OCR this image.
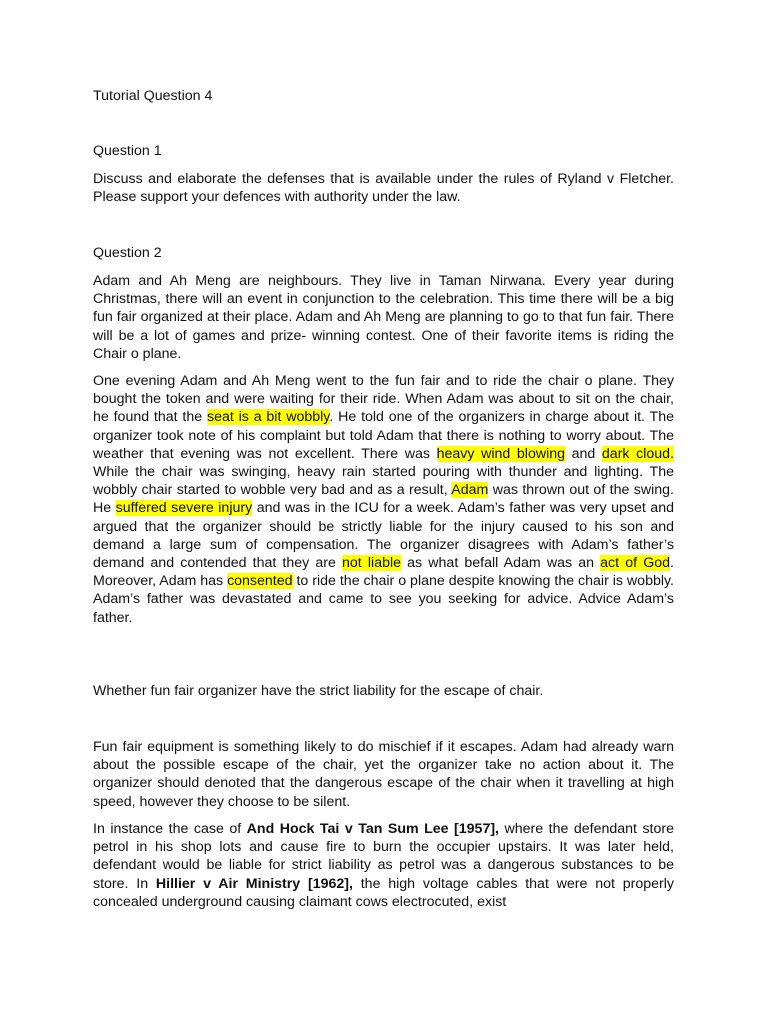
Tutorial Question 4

Question 1

Discuss and elaborate the defenses that is available under the rules of Ryland v Fletcher. Please support your defences with authority under the law.

Question 2

Adam and Ah Meng are neighbours. They live in Taman Nirwana. Every year during Christmas, there will an event in conjunction to the celebration. This time there will be a big fun fair organized at their place. Adam and Ah Meng are planning to go to that fun fair. There will be a lot of games and prize- winning contest. One of their favorite items is riding the Chair o plane.

One evening Adam and Ah Meng went to the fun fair and to ride the chair o plane. They bought the token and were waiting for their ride. When Adam was about to sit on the chair, he found that the seat is a bit wobbly. He told one of the organizers in charge about it. The organizer took note of his complaint but told Adam that there is nothing to worry about. The weather that evening was not excellent. There was heavy wind blowing and dark cloud. While the chair was swinging, heavy rain started pouring with thunder and lighting. The wobbly chair started to wobble very bad and as a result, Adam was thrown out of the swing. He suffered severe injury and was in the ICU for a week. Adam’s father was very upset and argued that the organizer should be strictly liable for the injury caused to his son and demand a large sum of compensation. The organizer disagrees with Adam’s father’s demand and contended that they are not liable as what befall Adam was an act of God. Moreover, Adam has consented to ride the chair o plane despite knowing the chair is wobbly. Adam’s father was devastated and came to see you seeking for advice. Advice Adam’s father.

Whether fun fair organizer have the strict liability for the escape of chair.

Fun fair equipment is something likely to do mischief if it escapes. Adam had already warn about the possible escape of the chair, yet the organizer take no action about it. The organizer should denoted that the dangerous escape of the chair when it travelling at high speed, however they choose to be silent.

In instance the case of And Hock Tai v Tan Sum Lee [1957], where the defendant store petrol in his shop lots and cause fire to burn the occupier upstairs. It was later held, defendant would be liable for strict liability as petrol was a dangerous substances to be store. In Hillier v Air Ministry [1962], the high voltage cables that were not properly concealed underground causing claimant cows electrocuted, exist
